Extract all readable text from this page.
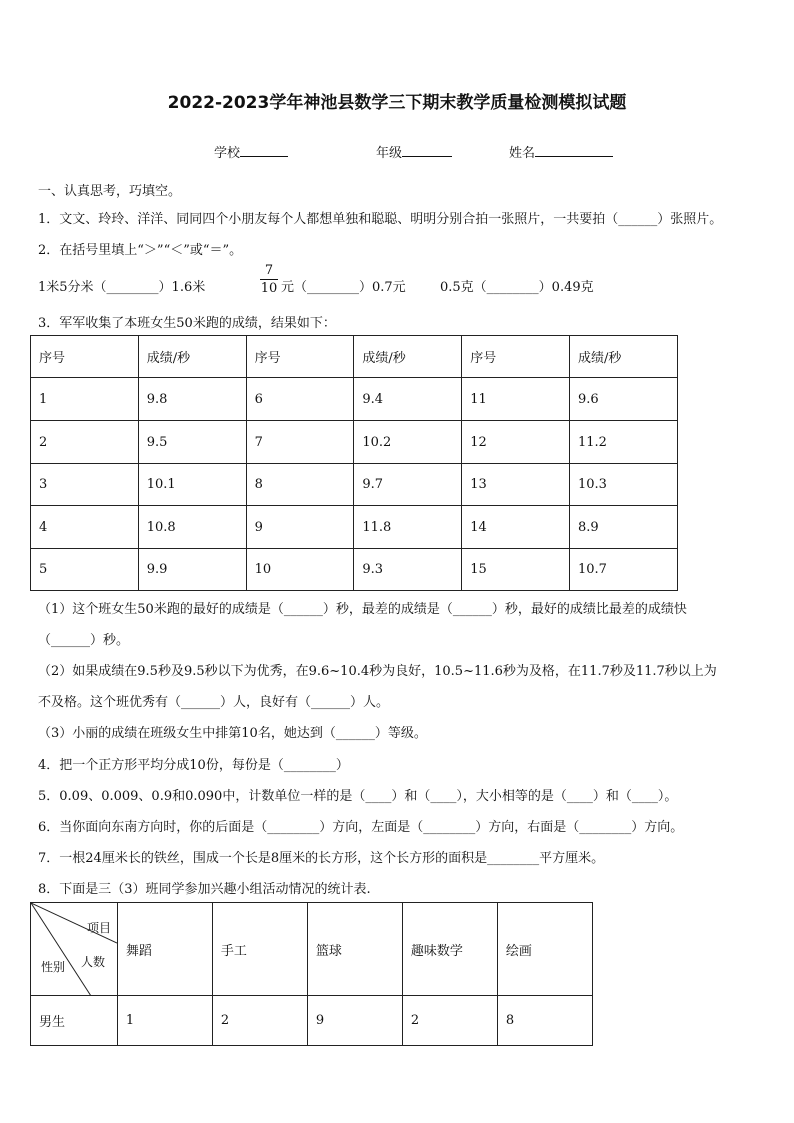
2022-2023学年神池县数学三下期末教学质量检测模拟试题
学校	年级	姓名
一、认真思考，巧填空。
1．文文、玲玲、洋洋、同同四个小朋友每个人都想单独和聪聪、明明分别合拍一张照片，一共要拍（______）张照片。
2．在括号里填上“＞”“＜”或“＝”。
1米5分米（________）1.6米
7
10 元（________）0.7元	0.5克（________）0.49克
3．军军收集了本班女生50米跑的成绩，结果如下：
序号	成绩/秒	序号	成绩/秒	序号	成绩/秒
1	9.8	6	9.4	11	9.6
2	9.5	7	10.2	12	11.2
3	10.1	8	9.7	13	10.3
4	10.8	9	11.8	14	8.9
5	9.9	10	9.3	15	10.7
（1）这个班女生50米跑的最好的成绩是（______）秒，最差的成绩是（______）秒，最好的成绩比最差的成绩快
（______）秒。
（2）如果成绩在9.5秒及9.5秒以下为优秀，在9.6~10.4秒为良好，10.5~11.6秒为及格，在11.7秒及11.7秒以上为
不及格。这个班优秀有（______）人，良好有（______）人。
（3）小丽的成绩在班级女生中排第10名，她达到（______）等级。
4．把一个正方形平均分成10份，每份是（________）
5．0.09、0.009、0.9和0.090中，计数单位一样的是（____）和（____），大小相等的是（____）和（____）。
6．当你面向东南方向时，你的后面是（________）方向，左面是（________）方向，右面是（________）方向。
7．一根24厘米长的铁丝，围成一个长是8厘米的长方形，这个长方形的面积是________平方厘米。
8．下面是三（3）班同学参加兴趣小组活动情况的统计表.
项目
人数
性别	舞蹈	手工	篮球	趣味数学	绘画
男生	1	2	9	2	8
